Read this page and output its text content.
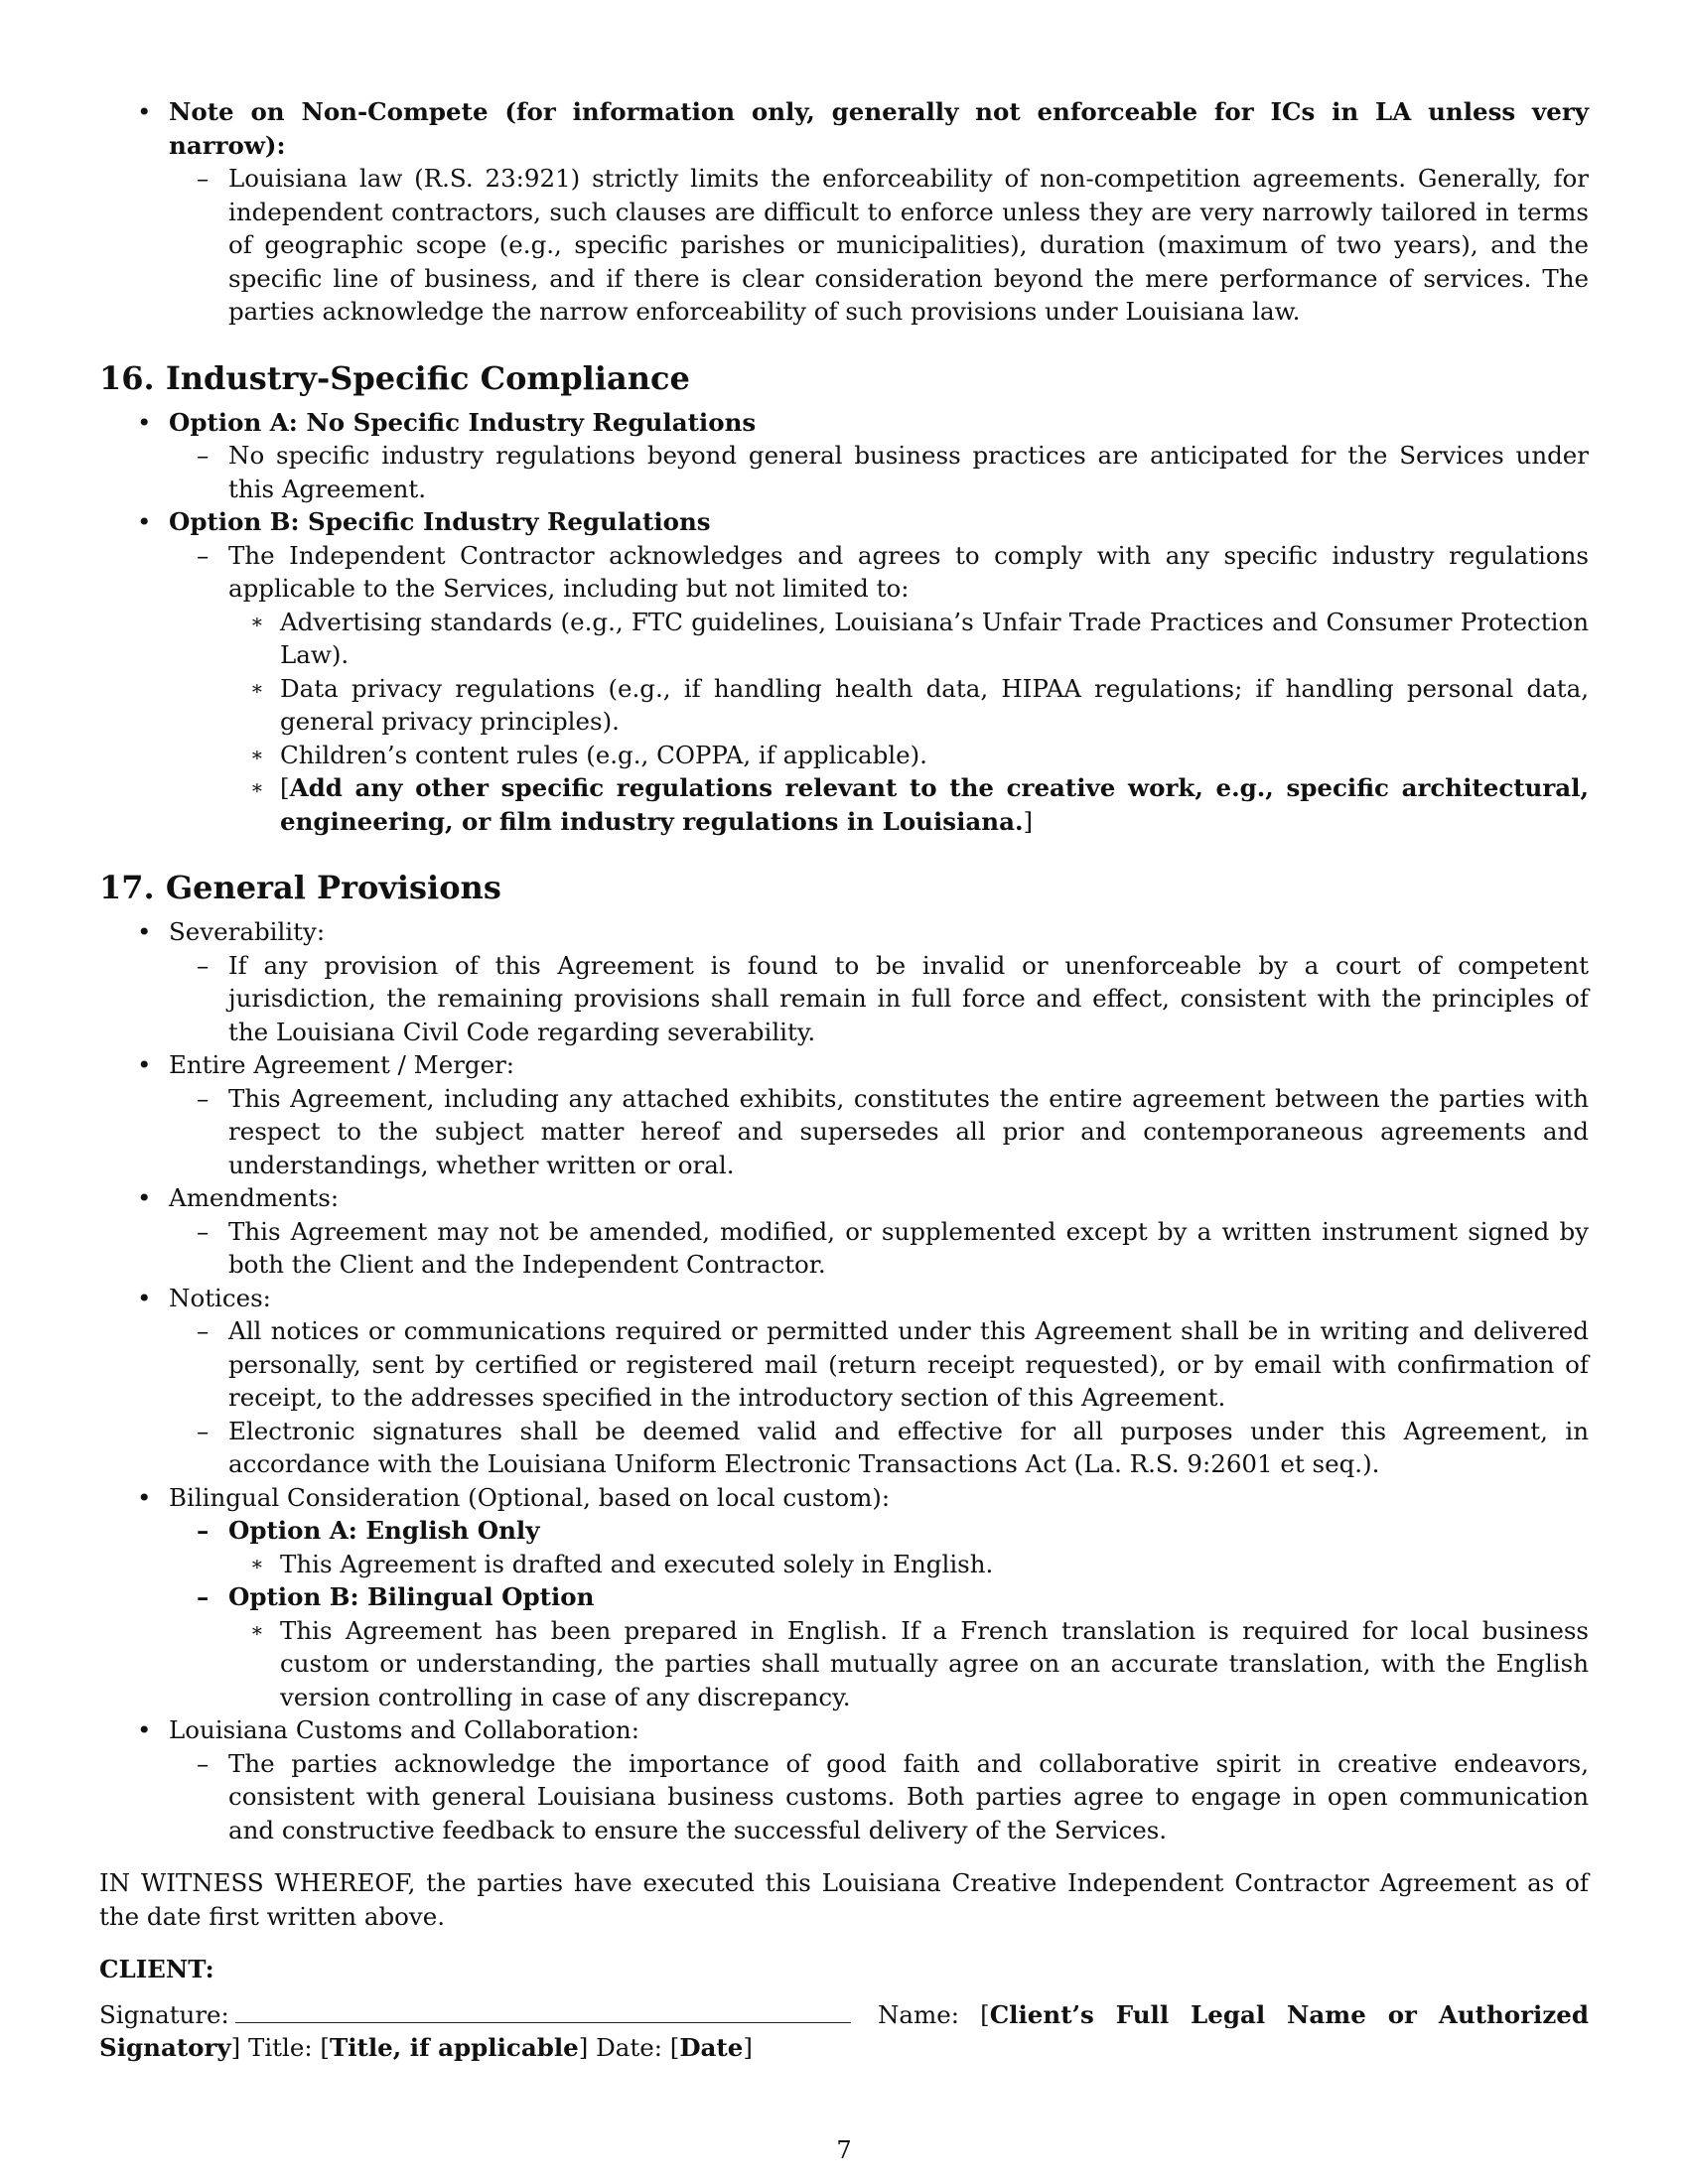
• Note on Non-Compete (for information only, generally not enforceable for ICs in LA unless very narrow):
– Louisiana law (R.S. 23:921) strictly limits the enforceability of non-competition agreements. Generally, for independent contractors, such clauses are difficult to enforce unless they are very narrowly tailored in terms of geographic scope (e.g., specific parishes or municipalities), duration (maximum of two years), and the specific line of business, and if there is clear consideration beyond the mere performance of services. The parties acknowledge the narrow enforceability of such provisions under Louisiana law.
16. Industry-Specific Compliance
• Option A: No Specific Industry Regulations
– No specific industry regulations beyond general business practices are anticipated for the Services under this Agreement.
• Option B: Specific Industry Regulations
– The Independent Contractor acknowledges and agrees to comply with any specific industry regulations applicable to the Services, including but not limited to:
∗ Advertising standards (e.g., FTC guidelines, Louisiana’s Unfair Trade Practices and Consumer Protection Law).
∗ Data privacy regulations (e.g., if handling health data, HIPAA regulations; if handling personal data, general privacy principles).
∗ Children’s content rules (e.g., COPPA, if applicable).
∗ [Add any other specific regulations relevant to the creative work, e.g., specific architectural, engineering, or film industry regulations in Louisiana.]
17. General Provisions
• Severability:
– If any provision of this Agreement is found to be invalid or unenforceable by a court of competent jurisdiction, the remaining provisions shall remain in full force and effect, consistent with the principles of the Louisiana Civil Code regarding severability.
• Entire Agreement / Merger:
– This Agreement, including any attached exhibits, constitutes the entire agreement between the parties with respect to the subject matter hereof and supersedes all prior and contemporaneous agreements and understandings, whether written or oral.
• Amendments:
– This Agreement may not be amended, modified, or supplemented except by a written instrument signed by both the Client and the Independent Contractor.
• Notices:
– All notices or communications required or permitted under this Agreement shall be in writing and delivered personally, sent by certified or registered mail (return receipt requested), or by email with confirmation of receipt, to the addresses specified in the introductory section of this Agreement.
– Electronic signatures shall be deemed valid and effective for all purposes under this Agreement, in accordance with the Louisiana Uniform Electronic Transactions Act (La. R.S. 9:2601 et seq.).
• Bilingual Consideration (Optional, based on local custom):
– Option A: English Only
∗ This Agreement is drafted and executed solely in English.
– Option B: Bilingual Option
∗ This Agreement has been prepared in English. If a French translation is required for local business custom or understanding, the parties shall mutually agree on an accurate translation, with the English version controlling in case of any discrepancy.
• Louisiana Customs and Collaboration:
– The parties acknowledge the importance of good faith and collaborative spirit in creative endeavors, consistent with general Louisiana business customs. Both parties agree to engage in open communication and constructive feedback to ensure the successful delivery of the Services.
IN WITNESS WHEREOF, the parties have executed this Louisiana Creative Independent Contractor Agreement as of the date first written above.
CLIENT:
Signature:	Name: [Client’s Full Legal Name or Authorized Signatory] Title: [Title, if applicable] Date: [Date]
7
